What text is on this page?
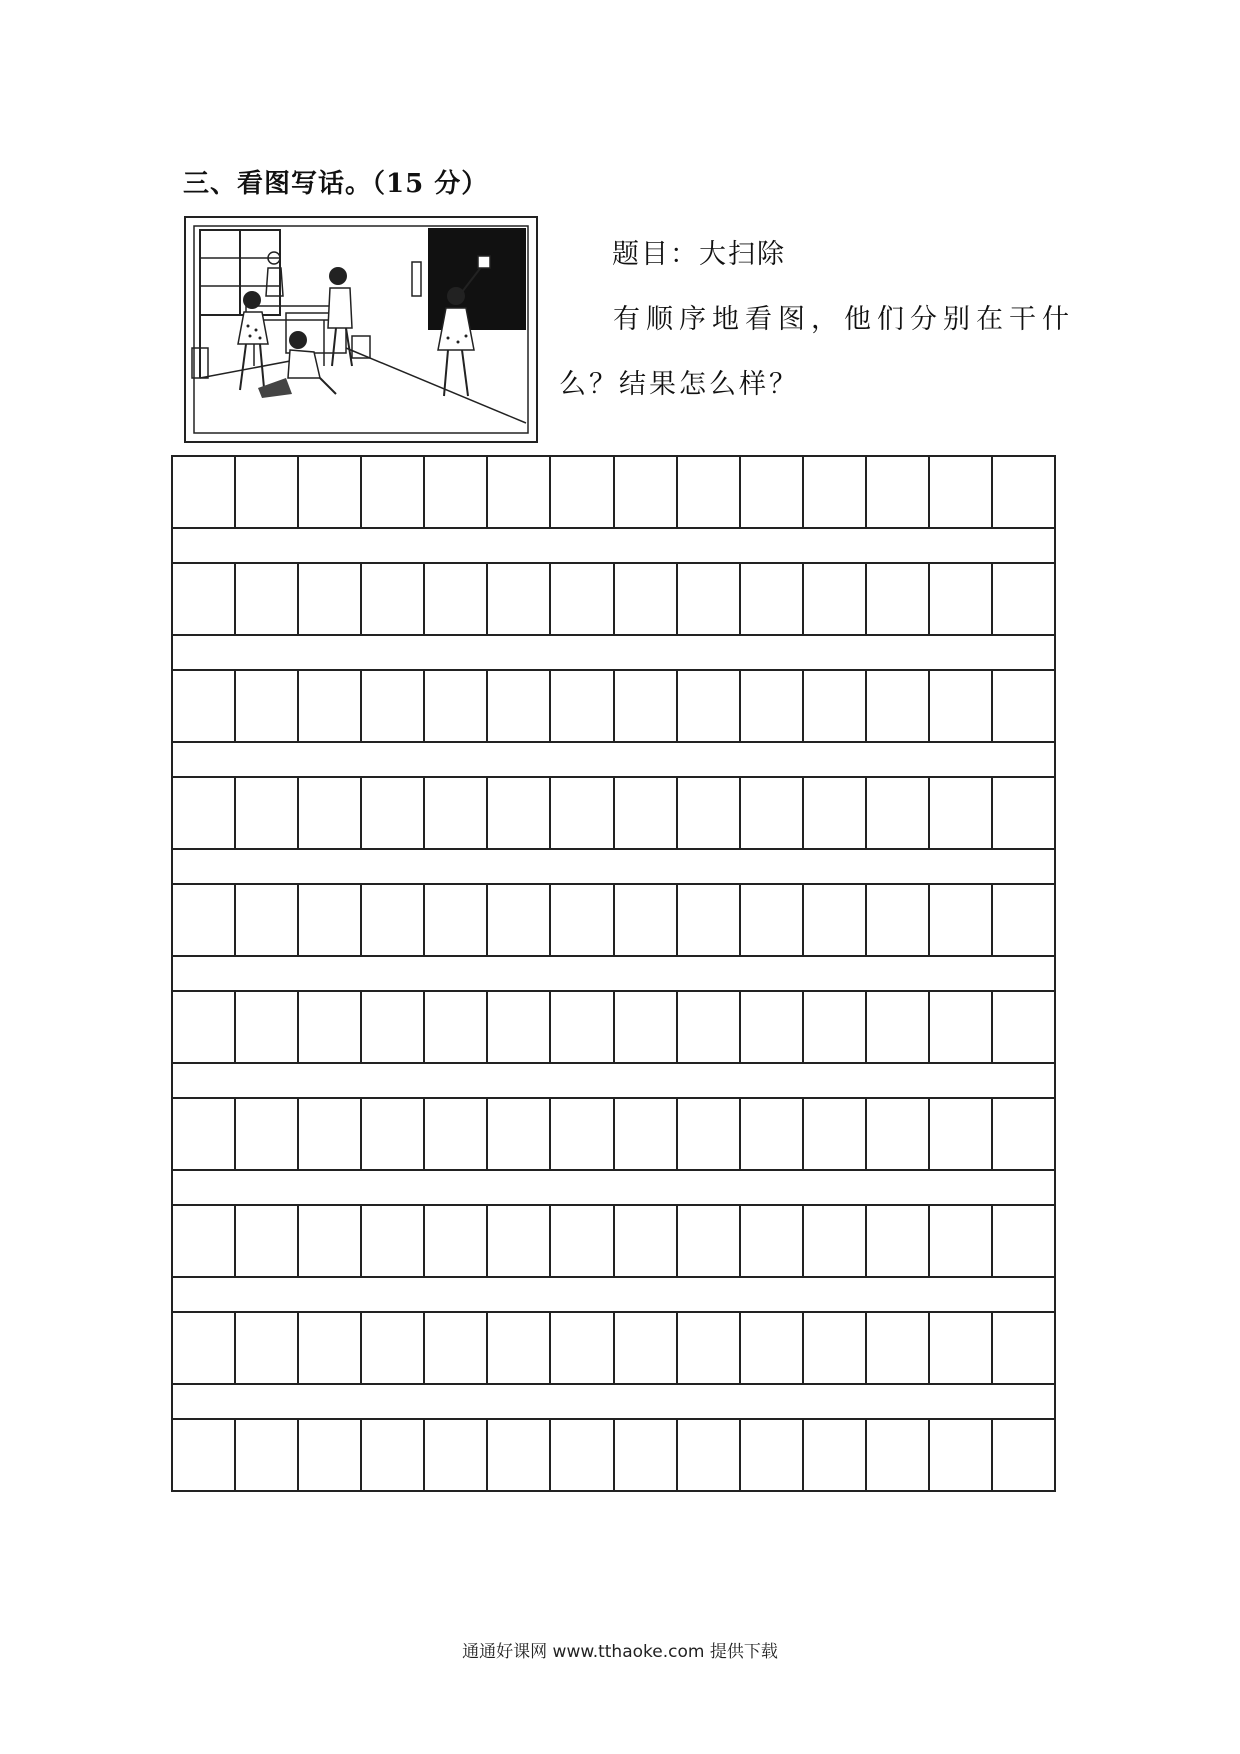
三、看图写话。（15 分）
题目：大扫除
有顺序地看图，他们分别在干什
么？结果怎么样？
通通好课网 www.tthaoke.com 提供下载
